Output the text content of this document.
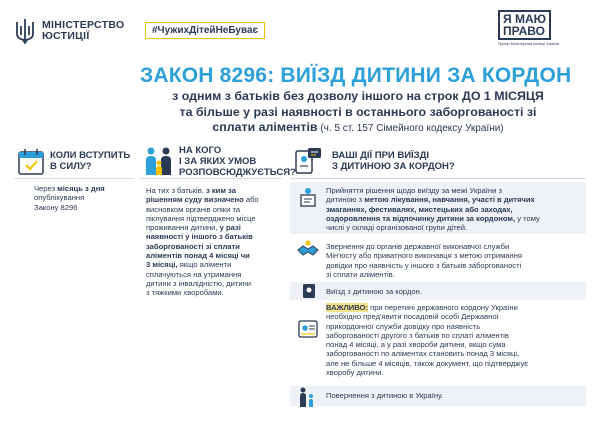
МІНІСТЕРСТВО
ЮСТИЦІЇ	#ЧужихДітейНеБуває
Я МАЮ
ПРАВО
Проект Міністерства юстиції України
ЗАКОН 8296: ВИЇЗД ДИТИНИ ЗА КОРДОН
з одним з батьків без дозволу іншого на строк ДО 1 МІСЯЦЯ
та більше у разі наявності в останнього заборгованості зі
сплати аліментів (ч. 5 ст. 157 Сімейного кодексу України)
КОЛИ ВСТУПИТЬ
В СИЛУ?
Через місяць з дня
опублікування
Закону 8296
НА КОГО
І ЗА ЯКИХ УМОВ
РОЗПОВСЮДЖУЄТЬСЯ?
На тих з батьків, з ким за
рішенням суду визначено або
висновком органів опіки та
піклування підтверджено місце
проживання дитини, у разі
наявності у іншого з батьків
заборгованості зі сплати
аліментів понад 4 місяці чи
3 місяці, якщо аліменти
сплачуються на утримання
дитини з інвалідністю, дитини
з тяжкими хворобами.
ВАШІ ДІЇ ПРИ ВИЇЗДІ
З ДИТИНОЮ ЗА КОРДОН?
Прийняття рішення щодо виїзду за межі України з
дитиною з метою лікування, навчання, участі в дитячих
змаганнях, фестивалях, мистецьких або заходах,
оздоровлення та відпочинку дитини за кордоном, у тому
числі у складі організованої групи дітей.
Звернення до органів державної виконавчої служби
Мін'юсту або приватного виконавця з метою отримання
довідки про наявність у іншого з батьків заборгованості
зі сплати аліментів.
Виїзд з дитиною за кордон.
ВАЖЛИВО: при перетині державного кордону України
необхідно пред'явити посадовій особі Державної
прикордонної служби довідку про наявність
заборгованості другого з батьків по сплаті аліментів
понад 4 місяці, а у разі хвороби дитини, якщо сума
заборгованості по аліментах становить понад 3 місяці,
але не більше 4 місяців, також документ, що підтверджує
хворобу дитини.
Повернення з дитиною в Україну.
